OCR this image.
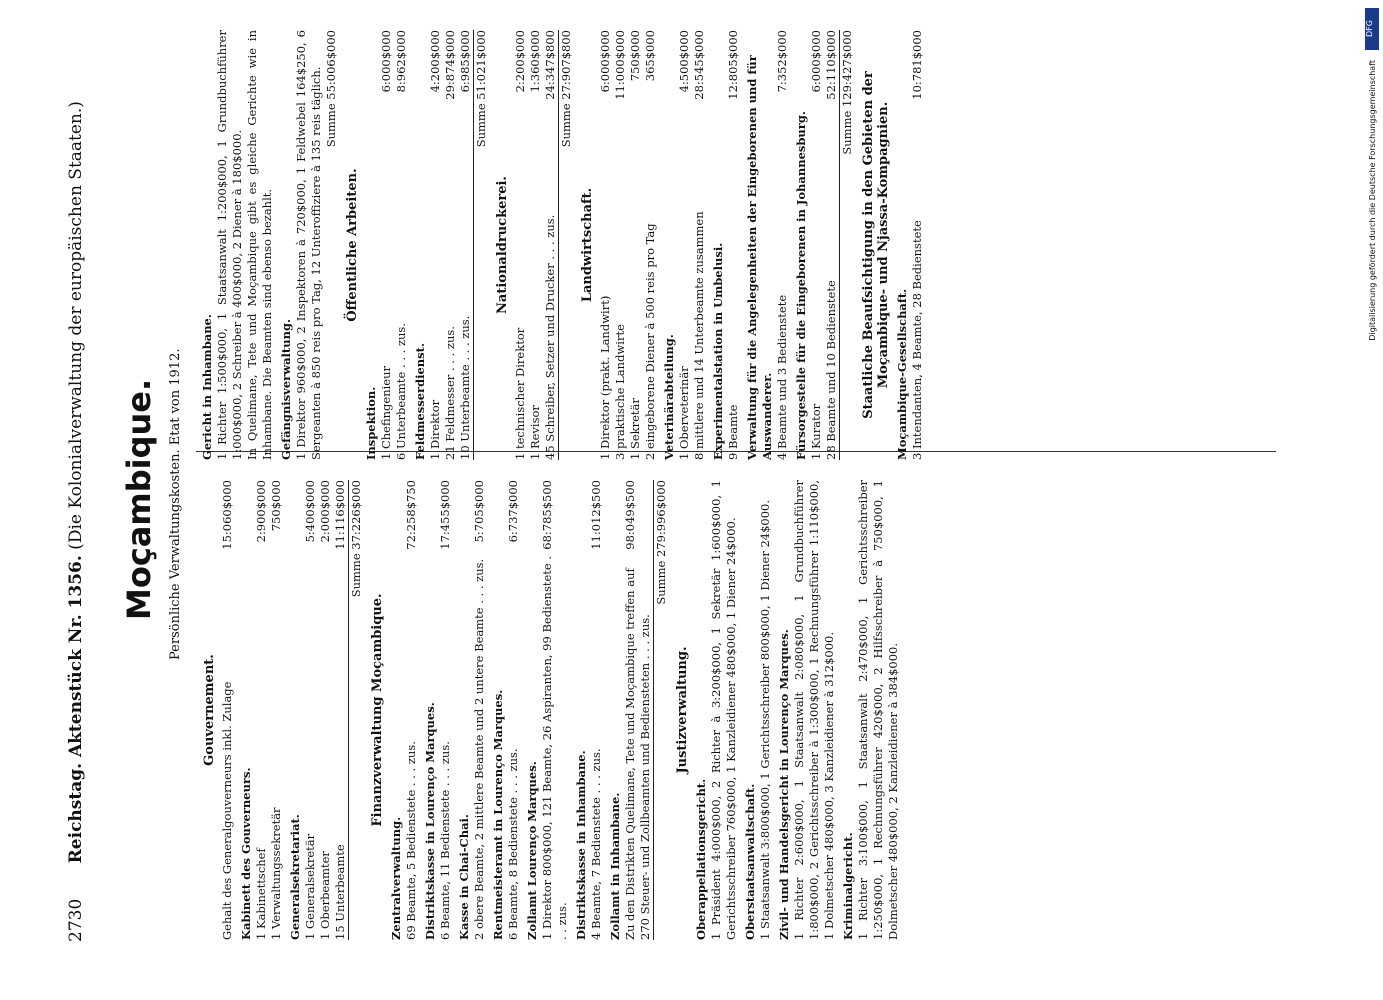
2730 Reichstag. Aktenstück Nr. 1356. (Die Kolonialverwaltung der europäischen Staaten.) Moçambique. Persönliche Verwaltungskosten. Etat von 1912.
Gouvernement. Gehalt des Generalgouverneurs inkl. Zulage
15:060$000
Kabinett des Gouverneurs. 1 Kabinettschef
2:900$000
1 Verwaltungssekretär
750$000
Generalsekretariat. 1 Generalsekretär
5:400$000
1 Oberbeamter
2:000$000
15 Unterbeamte
11:116$000 Summe 37:226$000
Finanzverwaltung Moçambique.
Zentralverwaltung. 69 Beamte, 5 Bedienstete . . . zus.
72:258$750
Distriktskasse in Lourenço Marques. 6 Beamte, 11 Bedienstete . . . zus.
17:455$000
Kasse in Chai-Chai. 2 obere Beamte, 2 mittlere Beamte und 2 untere Beamte . . . zus.
5:705$000
Rentmeisteramt in Lourenço Marques. 6 Beamte, 8 Bedienstete . . . zus.
6:737$000
Zollamt Lourenço Marques. 1 Direktor 800$000, 121 Beamte, 26 Aspiranten, 99 Bedienstete . . . zus.
68:785$500
Distriktskasse in Inhambane. 4 Beamte, 7 Bedienstete . . . zus.
11:012$500
Zollamt in Inhambane. Zu den Distrikten Quelimane, Tete und Moçambique treffen auf 270 Steuer- und Zollbeamten und Bediensteten . . . zus.
98:049$500	Summe 279:996$000
Justizverwaltung.
Oberappellationsgericht. 1 Präsident 4:000$000, 2 Richter à 3:200$000, 1 Sekretär 1:600$000, 1 Gerichtsschreiber 760$000, 1 Kanzleidiener 480$000, 1 Diener 24$000. Oberstaatsanwaltschaft. 1 Staatsanwalt 3:800$000, 1 Gerichtsschreiber 800$000, 1 Diener 24$000. Zivil- und Handelsgericht in Lourenço Marques. 1 Richter 2:600$000, 1 Staatsanwalt 2:080$000, 1 Grundbuchführer 1:800$000, 2 Gerichtsschreiber à 1:300$000, 1 Rechnungsführer 1:110$000, 1 Dolmetscher 480$000, 3 Kanzleidiener à 312$000. Kriminalgericht. 1 Richter 3:100$000, 1 Staatsanwalt 2:470$000, 1 Gerichtsschreiber 1:250$000, 1 Rechnungsführer 420$000, 2 Hilfsschreiber à 750$000, 1 Dolmetscher 480$000, 2 Kanzleidiener à 384$000.

Gericht in Inhambane. 1 Richter 1:500$000, 1 Staatsanwalt 1:200$000, 1 Grundbuchführer 1:000$000, 2 Schreiber à 400$000, 2 Diener à 180$000. In Quelimane, Tete und Moçambique gibt es gleiche Gerichte wie in Inhambane. Die Beamten sind ebenso bezahlt. Gefängnisverwaltung. 1 Direktor 960$000, 2 Inspektoren à 720$000, 1 Feldwebel 164$250, 6 Sergeanten à 850 reis pro Tag, 12 Unteroffiziere à 135 reis täglich. Summe 55:006$000
Öffentliche Arbeiten.
Inspektion. 1 Chefingenieur
6:000$000
6 Unterbeamte . . . zus.
8:962$000
Feldmesserdienst. 1 Direktor
4:200$000
21 Feldmesser . . . zus.
29:874$000
10 Unterbeamte . . . zus.
6:985$000 Summe 51:021$000
Nationaldruckerei.
1 technischer Direktor
2:200$000
1 Revisor
1:360$000
45 Schreiber, Setzer und Drucker . . . zus.
24:347$800 Summe 27:907$800
Landwirtschaft.
1 Direktor (prakt. Landwirt)
6:000$000
3 praktische Landwirte
11:000$000
1 Sekretär
750$000
2 eingeborene Diener à 500 reis pro Tag
365$000
Veterinärabteilung. 1 Oberveterinär
4:500$000
8 mittlere und 14 Unterbeamte zusammen
28:545$000
Experimentalstation in Umbelusi. 9 Beamte
12:805$000 Verwaltung für die Angelegenheiten der Eingeborenen und für Auswanderer. 4 Beamte und 3 Bedienstete
7:352$000
Fürsorgestelle für die Eingeborenen in Johannesburg. 1 Kurator
6:000$000
28 Beamte und 10 Bedienstete
52:110$000 Summe 129:427$000 Staatliche Beaufsichtigung in den Gebieten der Moçambique- und Njassa-Kompagnien. Moçambique-Gesellschaft. 3 Intendanten, 4 Beamte, 28 Bedienstete
10:781$000
DFG
Digitalisierung gefördert durch die Deutsche Forschungsgemeinschaft
